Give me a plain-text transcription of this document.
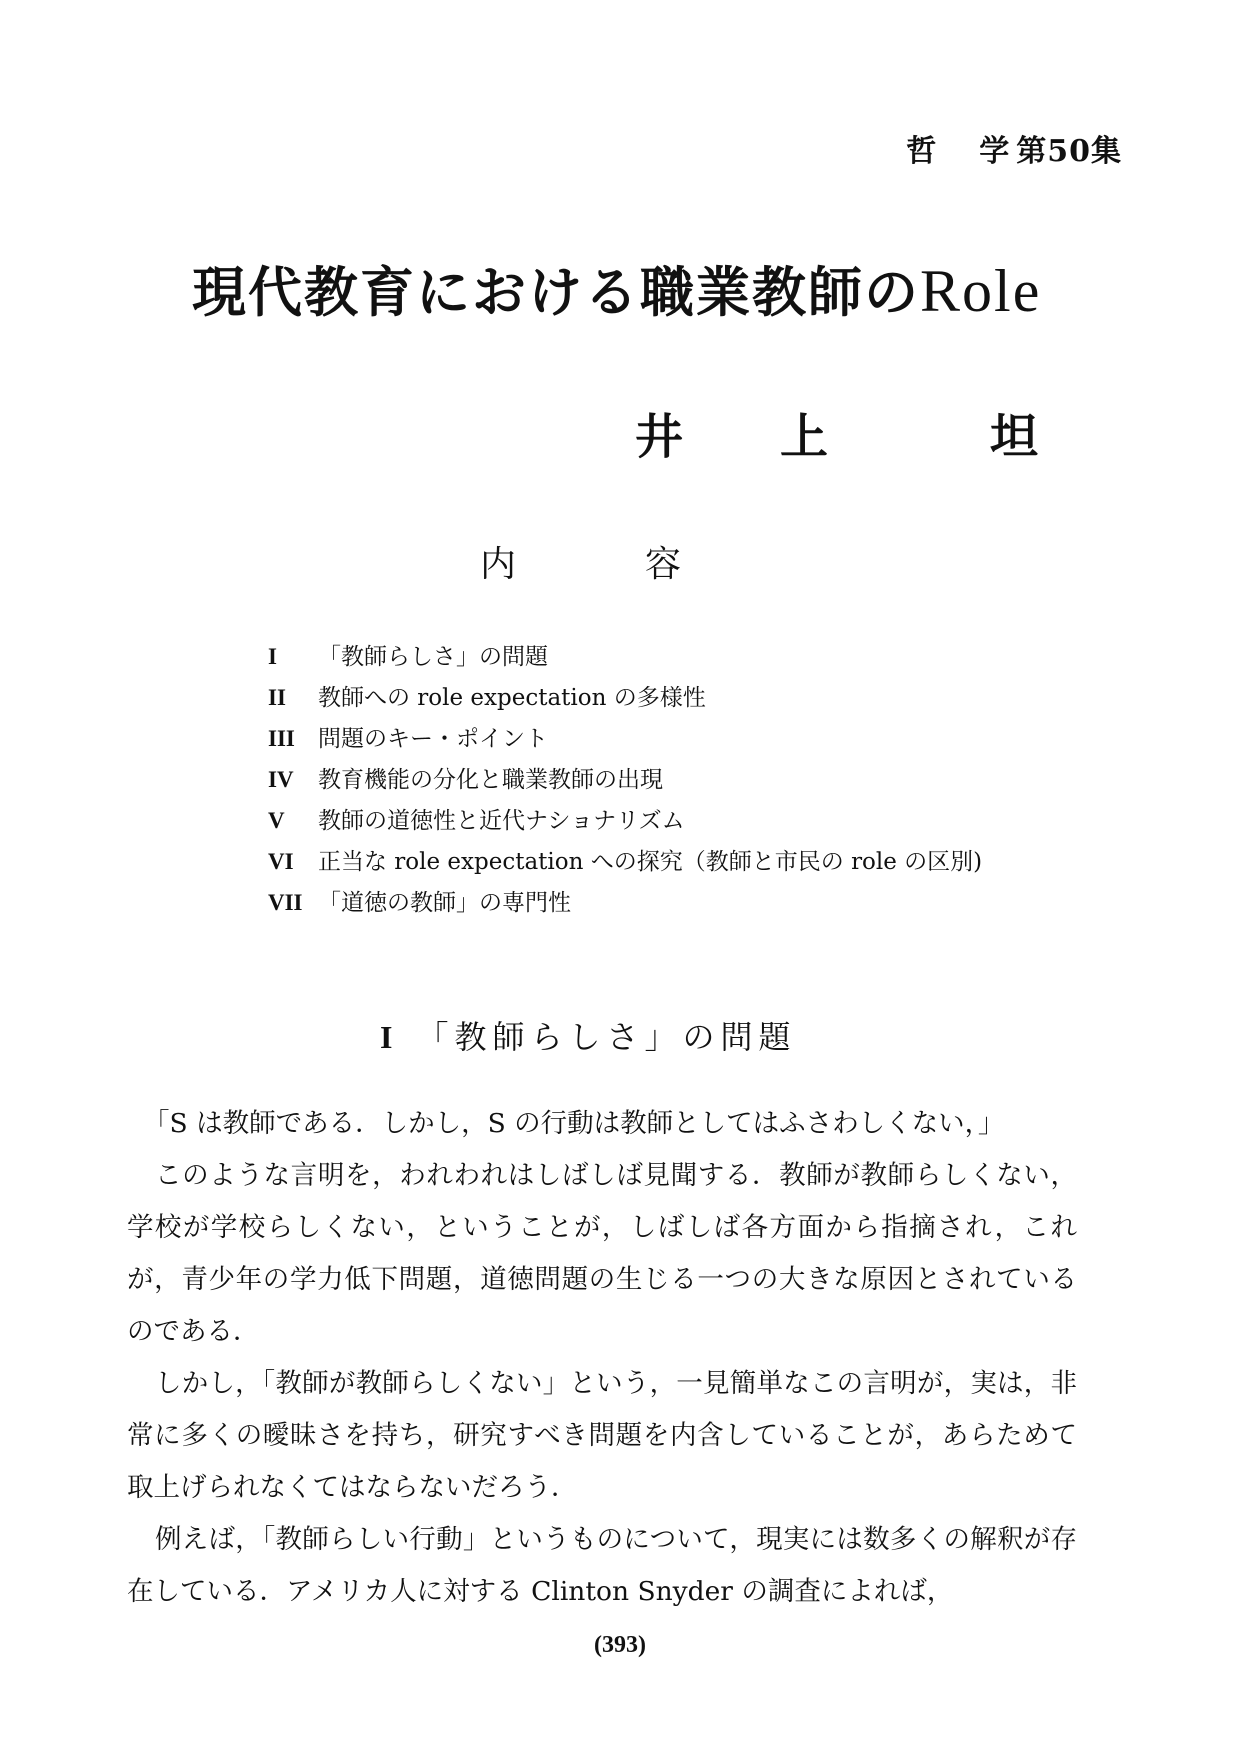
哲 学 第50集
現代教育における職業教師のRole
井 上	坦
内	容
I 「教師らしさ」の問題
II 教師への role expectation の多様性
III 問題のキー・ポイント
IV 教育機能の分化と職業教師の出現
V 教師の道徳性と近代ナショナリズム
VI 正当な role expectation への探究（教師と市民の role の区別)
VII 「道徳の教師」の専門性
I 「教師らしさ」の問題

「S は教師である．しかし，S の行動は教師としてはふさわしくない，」

このような言明を，われわれはしばしば見聞する．教師が教師らしくない，学校が学校らしくない，ということが，しばしば各方面から指摘され，これが，青少年の学力低下問題，道徳問題の生じる一つの大きな原因とされているのである．

しかし，「教師が教師らしくない」という，一見簡単なこの言明が，実は，非常に多くの曖昧さを持ち，研究すべき問題を内含していることが，あらためて取上げられなくてはならないだろう．

例えば，「教師らしい行動」というものについて，現実には数多くの解釈が存在している．アメリカ人に対する Clinton Snyder の調査によれば，

(393)
